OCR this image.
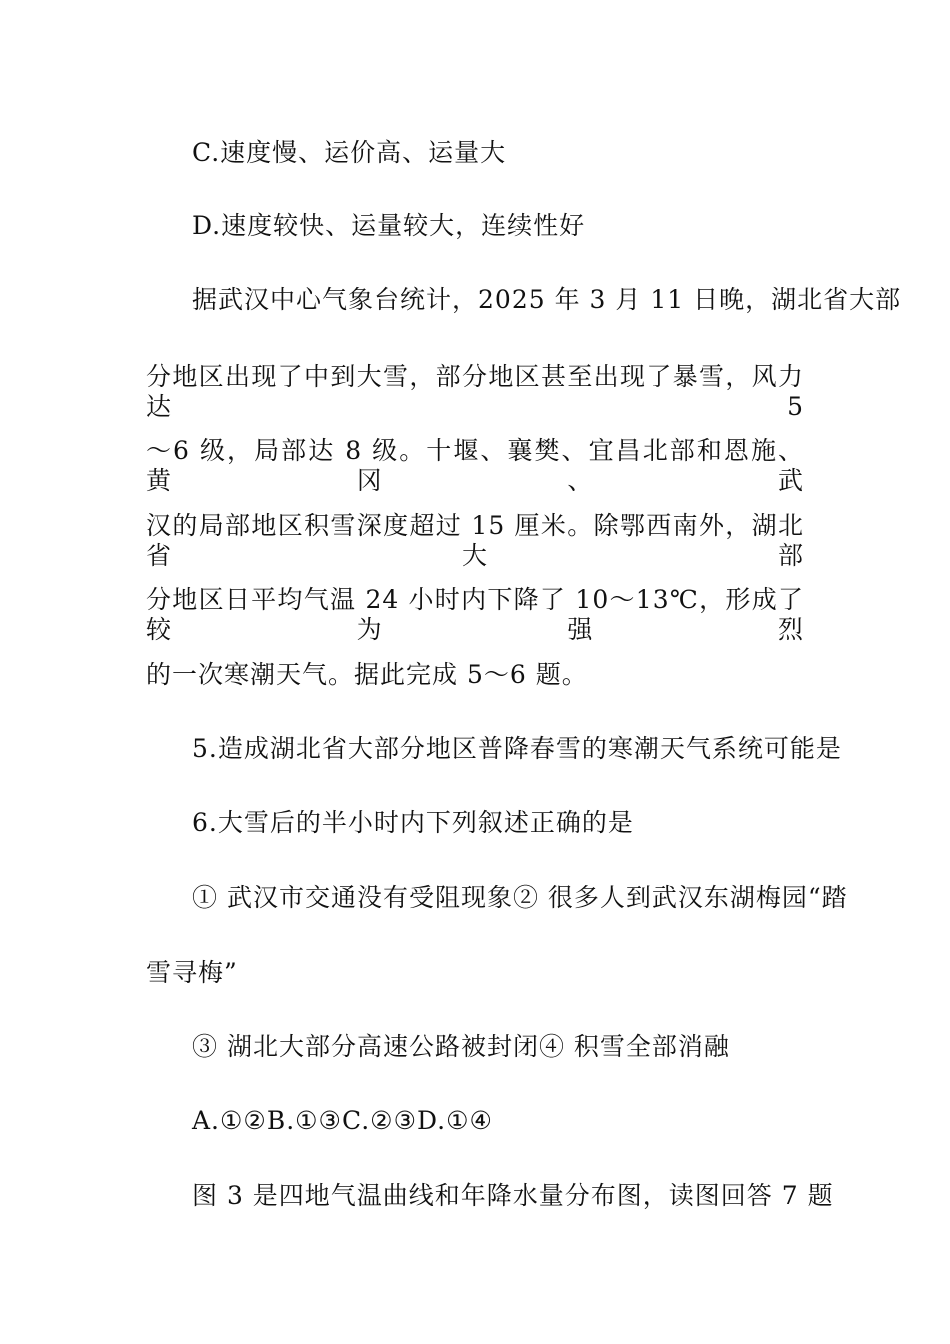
C.速度慢、运价高、运量大
D.速度较快、运量较大，连续性好
据武汉中心气象台统计，2025 年 3 月 11 日晚，湖北省大部
分地区出现了中到大雪，部分地区甚至出现了暴雪，风力达 5
～6 级，局部达 8 级。十堰、襄樊、宜昌北部和恩施、黄冈、武
汉的局部地区积雪深度超过 15 厘米。除鄂西南外，湖北省大部
分地区日平均气温 24 小时内下降了 10～13℃，形成了较为强烈
的一次寒潮天气。据此完成 5～6 题。
5.造成湖北省大部分地区普降春雪的寒潮天气系统可能是
6.大雪后的半小时内下列叙述正确的是
① 武汉市交通没有受阻现象② 很多人到武汉东湖梅园“踏
雪寻梅”
③ 湖北大部分高速公路被封闭④ 积雪全部消融
A.①②B.①③C.②③D.①④
图 3 是四地气温曲线和年降水量分布图，读图回答 7 题
